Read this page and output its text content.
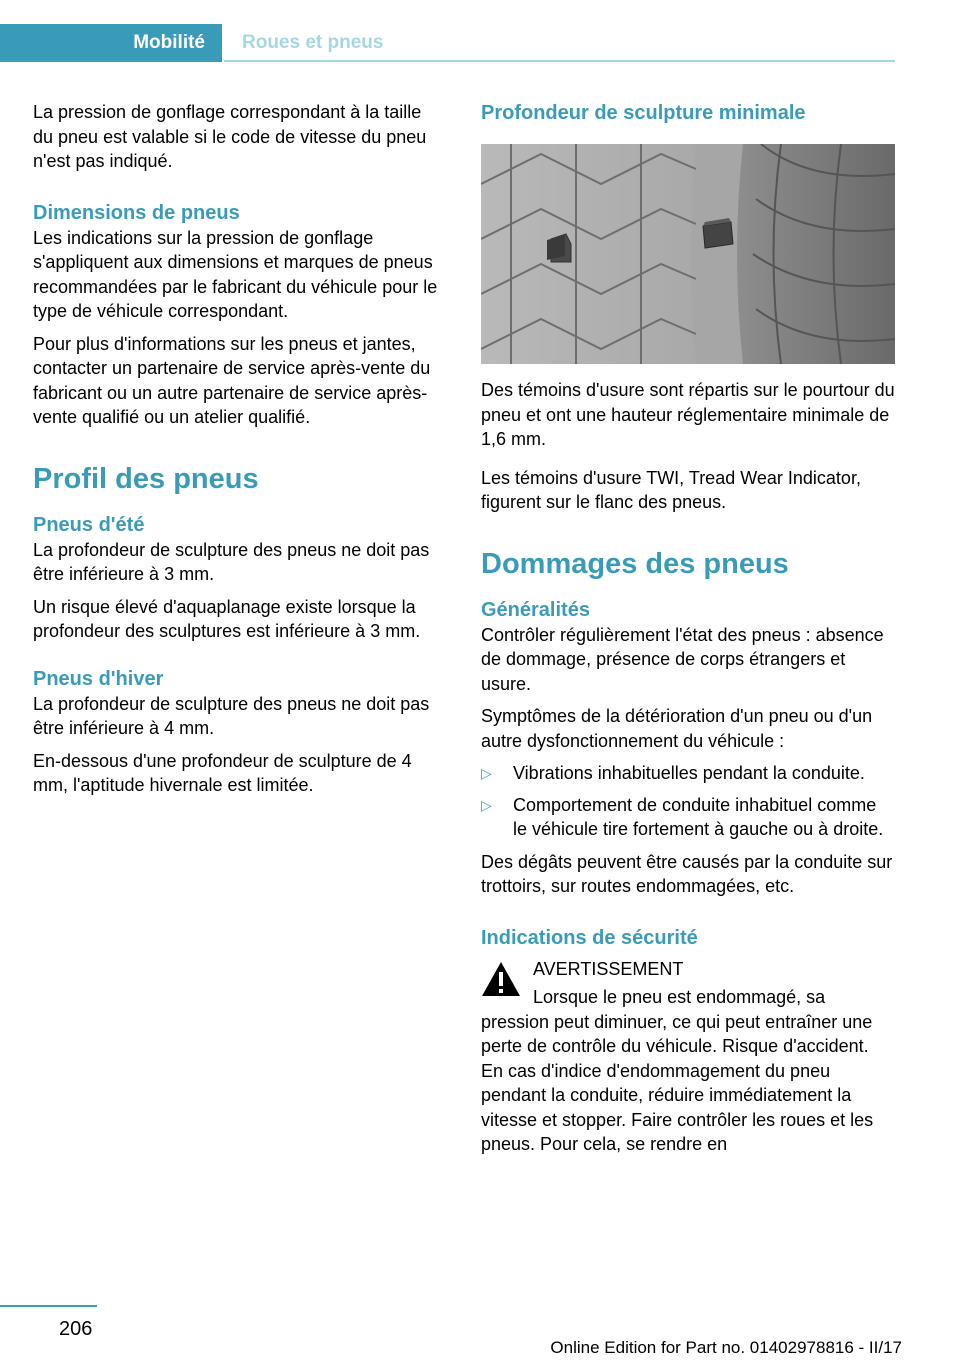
Mobilité Roues et pneus

La pression de gonflage correspondant à la taille du pneu est valable si le code de vitesse du pneu n'est pas indiqué.

Dimensions de pneus

Les indications sur la pression de gonflage s'appliquent aux dimensions et marques de pneus recommandées par le fabricant du véhicule pour le type de véhicule correspondant.

Pour plus d'informations sur les pneus et jantes, contacter un partenaire de service après-vente du fabricant ou un autre partenaire de service après-vente qualifié ou un atelier qualifié.

Profil des pneus
Pneus d'été

La profondeur de sculpture des pneus ne doit pas être inférieure à 3 mm.

Un risque élevé d'aquaplanage existe lorsque la profondeur des sculptures est inférieure à 3 mm.

Pneus d'hiver

La profondeur de sculpture des pneus ne doit pas être inférieure à 4 mm.

En-dessous d'une profondeur de sculpture de 4 mm, l'aptitude hivernale est limitée.

Profondeur de sculpture minimale

Des témoins d'usure sont répartis sur le pourtour du pneu et ont une hauteur réglementaire minimale de 1,6 mm.

Les témoins d'usure TWI, Tread Wear Indicator, figurent sur le flanc des pneus.

Dommages des pneus
Généralités

Contrôler régulièrement l'état des pneus : absence de dommage, présence de corps étrangers et usure.

Symptômes de la détérioration d'un pneu ou d'un autre dysfonctionnement du véhicule :

▷ Vibrations inhabituelles pendant la conduite.
▷ Comportement de conduite inhabituel comme le véhicule tire fortement à gauche ou à droite.

Des dégâts peuvent être causés par la conduite sur trottoirs, sur routes endommagées, etc.

Indications de sécurité

AVERTISSEMENT

Lorsque le pneu est endommagé, sa

pression peut diminuer, ce qui peut entraîner une perte de contrôle du véhicule. Risque d'accident. En cas d'indice d'endommagement du pneu pendant la conduite, réduire immédiatement la vitesse et stopper. Faire contrôler les roues et les pneus. Pour cela, se rendre en

206
Online Edition for Part no. 01402978816 - II/17
